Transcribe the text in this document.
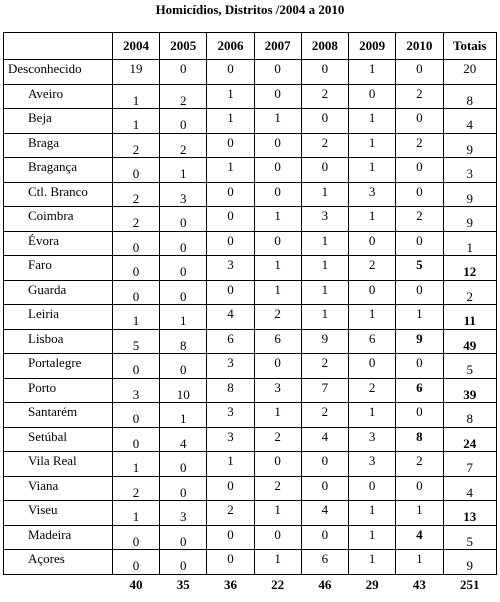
Homicídios, Distritos /2004 a 2010
	2004	2005	2006	2007	2008	2009	2010	Totais
Desconhecido	19	0	0	0	0	1	0	20
Aveiro	1	2	1	0	2	0	2	8
Beja	1	0	1	1	0	1	0	4
Braga	2	2	0	0	2	1	2	9
Bragança	0	1	1	0	0	1	0	3
Ctl. Branco	2	3	0	0	1	3	0	9
Coimbra	2	0	0	1	3	1	2	9
Évora	0	0	0	0	1	0	0	1
Faro	0	0	3	1	1	2	5	12
Guarda	0	0	0	1	1	0	0	2
Leiria	1	1	4	2	1	1	1	11
Lisboa	5	8	6	6	9	6	9	49
Portalegre	0	0	3	0	2	0	0	5
Porto	3	10	8	3	7	2	6	39
Santarém	0	1	3	1	2	1	0	8
Setúbal	0	4	3	2	4	3	8	24
Vila Real	1	0	1	0	0	3	2	7
Viana	2	0	0	2	0	0	0	4
Viseu	1	3	2	1	4	1	1	13
Madeira	0	0	0	0	0	1	4	5
Açores	0	0	0	1	6	1	1	9
	40	35	36	22	46	29	43	251
